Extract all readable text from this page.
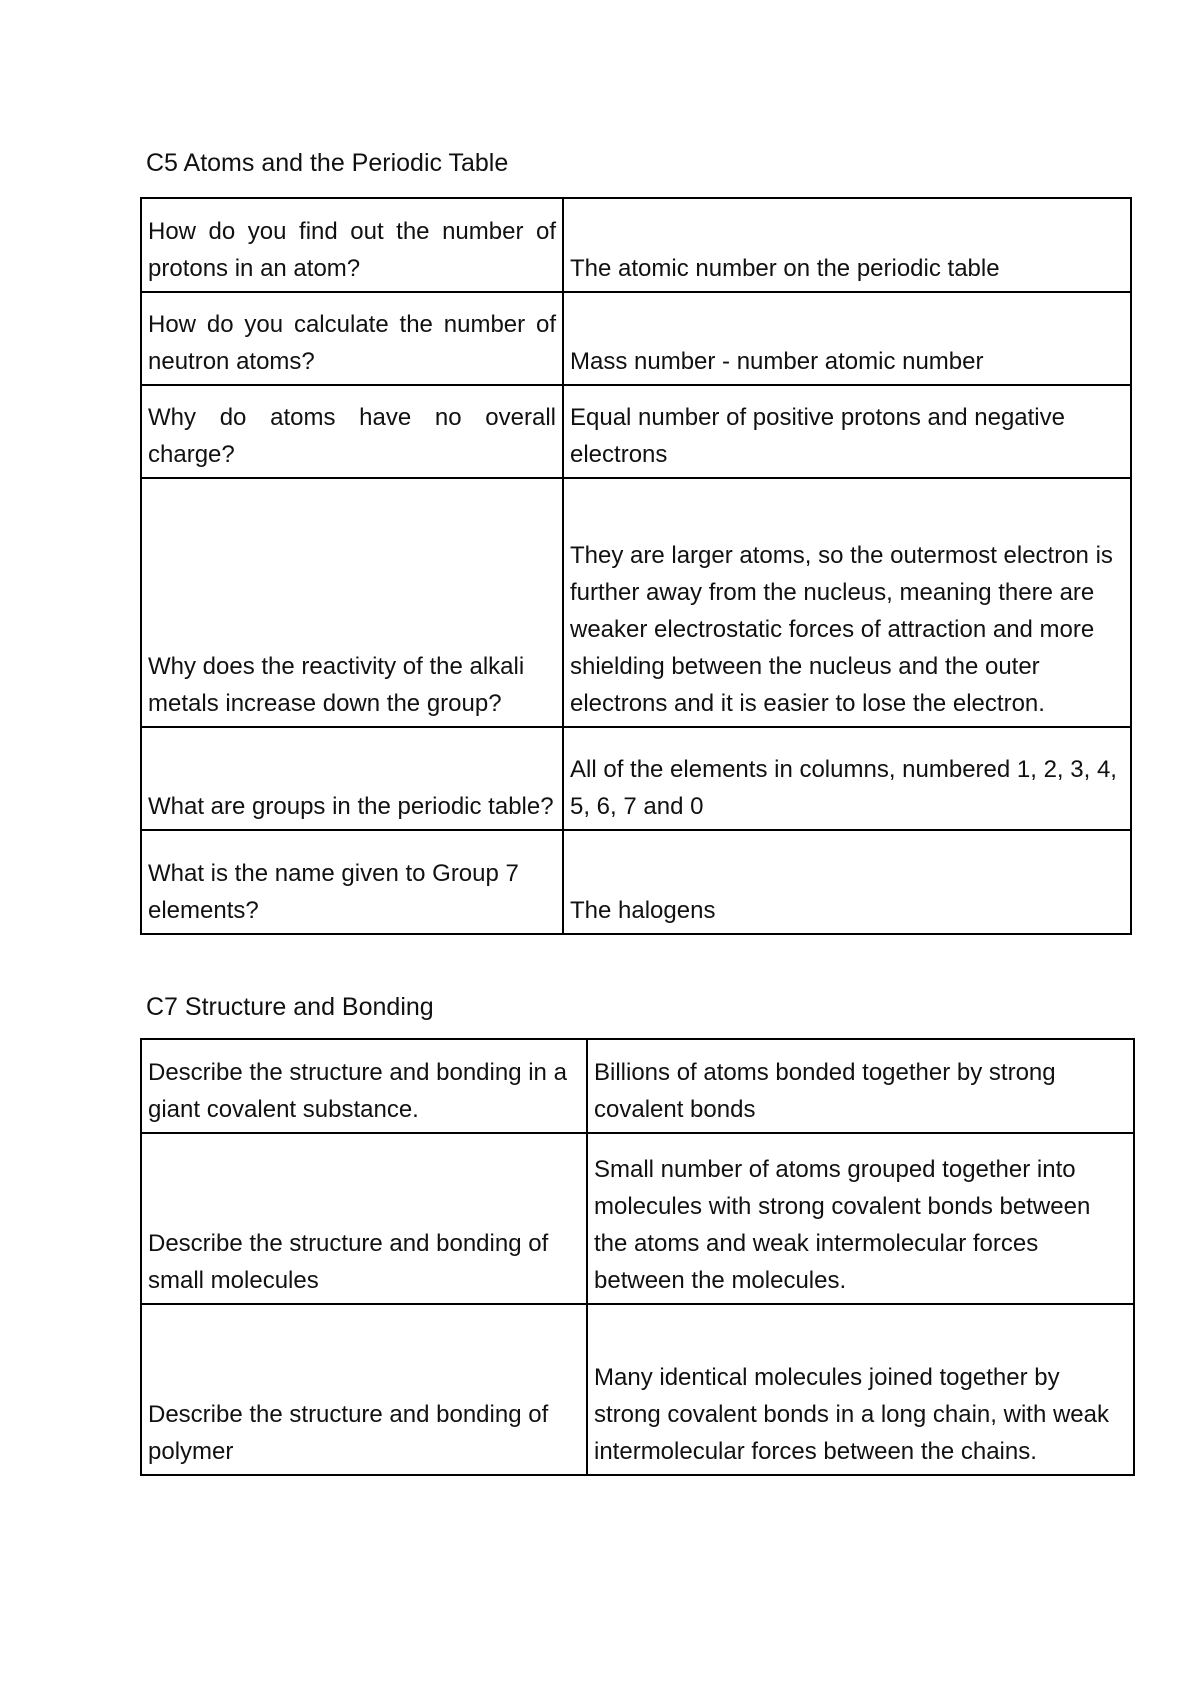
C5 Atoms and the Periodic Table
How do you find out the number of protons in an atom?	The atomic number on the periodic table
How do you calculate the number of neutron atoms?	Mass number - number atomic number
Why do atoms have no overall charge?	Equal number of positive protons and negative electrons
Why does the reactivity of the alkali metals increase down the group?	They are larger atoms, so the outermost electron is further away from the nucleus, meaning there are weaker electrostatic forces of attraction and more shielding between the nucleus and the outer electrons and it is easier to lose the electron.
What are groups in the periodic table?	All of the elements in columns, numbered 1, 2, 3, 4, 5, 6, 7 and 0
What is the name given to Group 7 elements?	The halogens
C7 Structure and Bonding
Describe the structure and bonding in a giant covalent substance.	Billions of atoms bonded together by strong covalent bonds
Describe the structure and bonding of small molecules	Small number of atoms grouped together into molecules with strong covalent bonds between the atoms and weak intermolecular forces between the molecules.
Describe the structure and bonding of polymer	Many identical molecules joined together by strong covalent bonds in a long chain, with weak intermolecular forces between the chains.
